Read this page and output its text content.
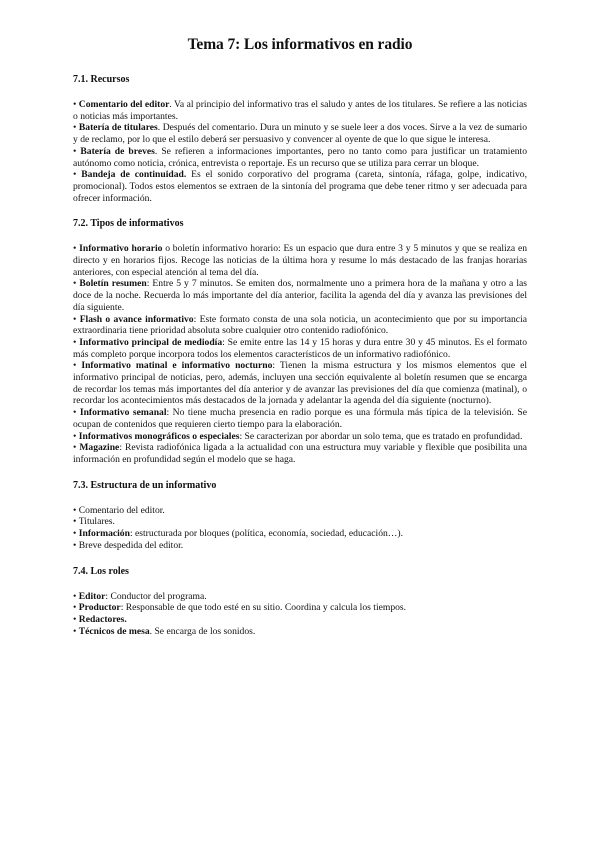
Tema 7: Los informativos en radio
7.1. Recursos
• Comentario del editor. Va al principio del informativo tras el saludo y antes de los titulares. Se refiere a las noticias o noticias más importantes.
• Batería de titulares. Después del comentario. Dura un minuto y se suele leer a dos voces. Sirve a la vez de sumario y de reclamo, por lo que el estilo deberá ser persuasivo y convencer al oyente de que lo que sigue le interesa.
• Batería de breves. Se refieren a informaciones importantes, pero no tanto como para justificar un tratamiento autónomo como noticia, crónica, entrevista o reportaje. Es un recurso que se utiliza para cerrar un bloque.
• Bandeja de continuidad. Es el sonido corporativo del programa (careta, sintonía, ráfaga, golpe, indicativo, promocional). Todos estos elementos se extraen de la sintonía del programa que debe tener ritmo y ser adecuada para ofrecer información.
7.2. Tipos de informativos
• Informativo horario o boletín informativo horario: Es un espacio que dura entre 3 y 5 minutos y que se realiza en directo y en horarios fijos. Recoge las noticias de la última hora y resume lo más destacado de las franjas horarias anteriores, con especial atención al tema del día.
• Boletín resumen: Entre 5 y 7 minutos. Se emiten dos, normalmente uno a primera hora de la mañana y otro a las doce de la noche. Recuerda lo más importante del día anterior, facilita la agenda del día y avanza las previsiones del día siguiente.
• Flash o avance informativo: Este formato consta de una sola noticia, un acontecimiento que por su importancia extraordinaria tiene prioridad absoluta sobre cualquier otro contenido radiofónico.
• Informativo principal de mediodía: Se emite entre las 14 y 15 horas y dura entre 30 y 45 minutos. Es el formato más completo porque incorpora todos los elementos característicos de un informativo radiofónico.
• Informativo matinal e informativo nocturno: Tienen la misma estructura y los mismos elementos que el informativo principal de noticias, pero, además, incluyen una sección equivalente al boletín resumen que se encarga de recordar los temas más importantes del día anterior y de avanzar las previsiones del día que comienza (matinal), o recordar los acontecimientos más destacados de la jornada y adelantar la agenda del día siguiente (nocturno).
• Informativo semanal: No tiene mucha presencia en radio porque es una fórmula más típica de la televisión. Se ocupan de contenidos que requieren cierto tiempo para la elaboración.
• Informativos monográficos o especiales: Se caracterizan por abordar un solo tema, que es tratado en profundidad.
• Magazine: Revista radiofónica ligada a la actualidad con una estructura muy variable y flexible que posibilita una información en profundidad según el modelo que se haga.
7.3. Estructura de un informativo
• Comentario del editor.
• Titulares.
• Información: estructurada por bloques (política, economía, sociedad, educación…).
• Breve despedida del editor.
7.4. Los roles
• Editor: Conductor del programa.
• Productor: Responsable de que todo esté en su sitio. Coordina y calcula los tiempos.
• Redactores.
• Técnicos de mesa. Se encarga de los sonidos.
